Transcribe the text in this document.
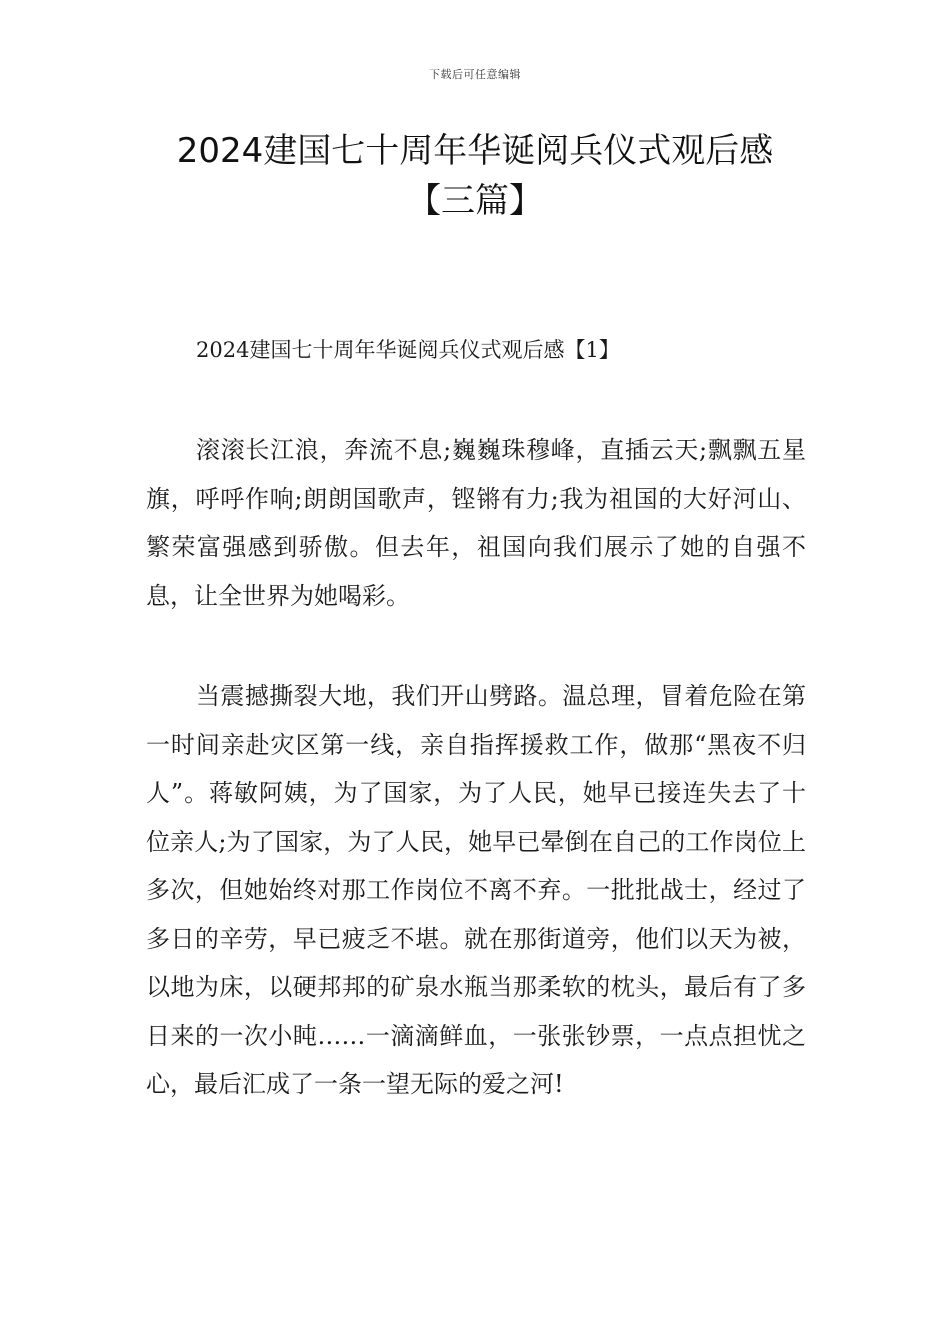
下载后可任意编辑
2024建国七十周年华诞阅兵仪式观后感
【三篇】
2024建国七十周年华诞阅兵仪式观后感【1】

滚滚长江浪，奔流不息;巍巍珠穆峰，直插云天;飘飘五星旗，呼呼作响;朗朗国歌声，铿锵有力;我为祖国的大好河山、繁荣富强感到骄傲。但去年，祖国向我们展示了她的自强不息，让全世界为她喝彩。

当震撼撕裂大地，我们开山劈路。温总理，冒着危险在第一时间亲赴灾区第一线，亲自指挥援救工作，做那“黑夜不归人”。蒋敏阿姨，为了国家，为了人民，她早已接连失去了十位亲人;为了国家，为了人民，她早已晕倒在自己的工作岗位上多次，但她始终对那工作岗位不离不弃。一批批战士，经过了多日的辛劳，早已疲乏不堪。就在那街道旁，他们以天为被，以地为床，以硬邦邦的矿泉水瓶当那柔软的枕头，最后有了多日来的一次小盹……一滴滴鲜血，一张张钞票，一点点担忧之心，最后汇成了一条一望无际的爱之河!
